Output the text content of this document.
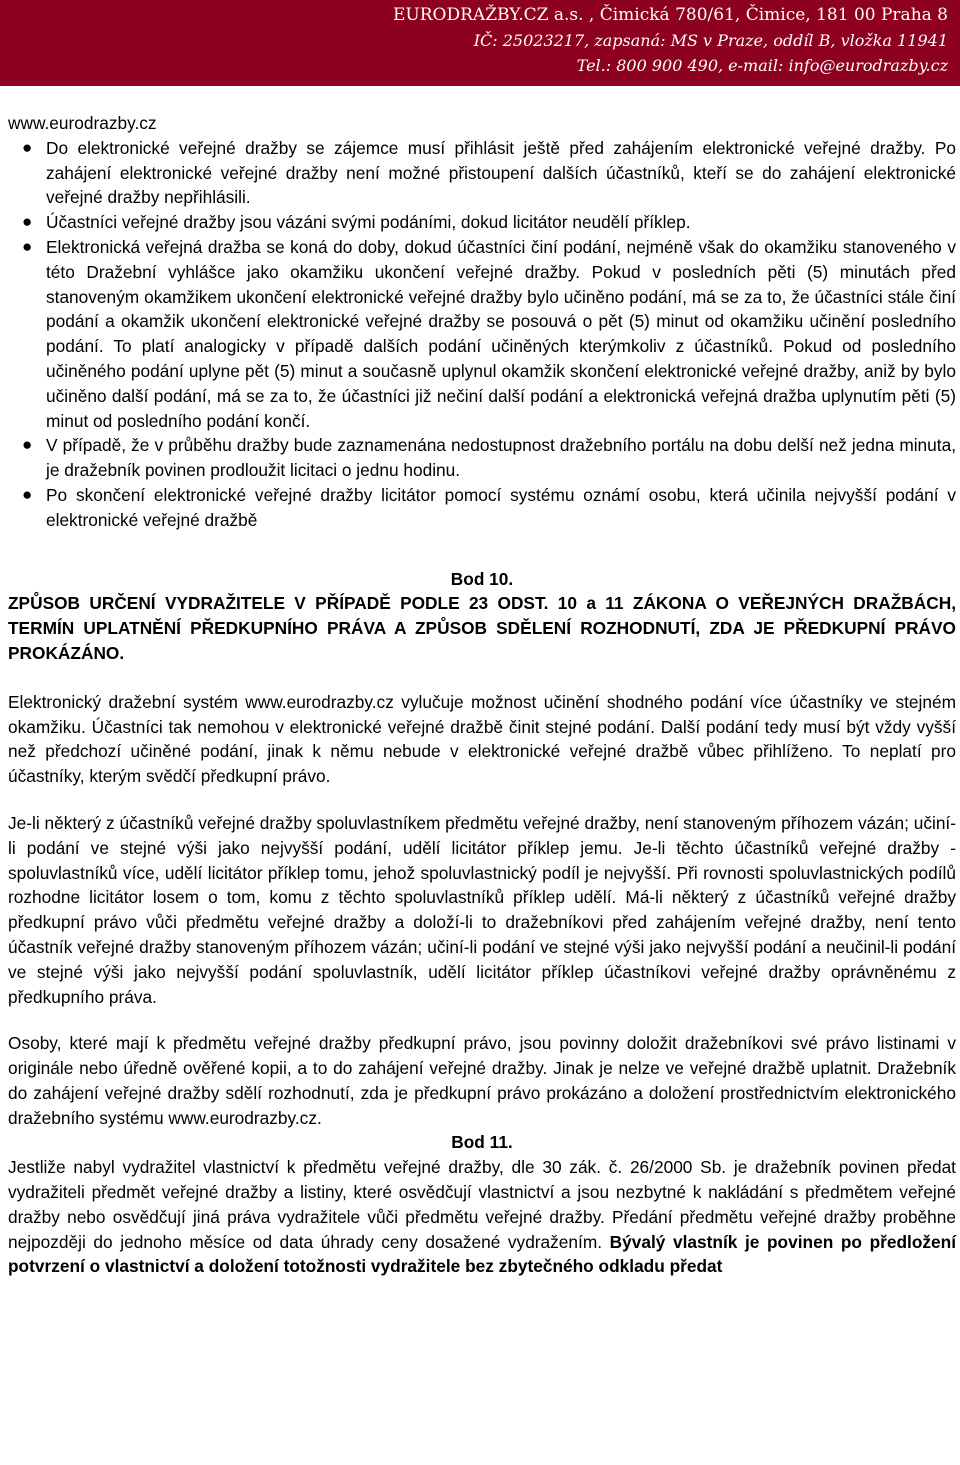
EURODRAŽBY.CZ a.s. , Čimická 780/61, Čimice, 181 00 Praha 8
IČ: 25023217, zapsaná: MS v Praze, oddíl B, vložka 11941
Tel.: 800 900 490, e-mail: info@eurodrazby.cz

www.eurodrazby.cz

● Do elektronické veřejné dražby se zájemce musí přihlásit ještě před zahájením elektronické veřejné dražby. Po zahájení elektronické veřejné dražby není možné přistoupení dalších účastníků, kteří se do zahájení elektronické veřejné dražby nepřihlásili.
● Účastníci veřejné dražby jsou vázáni svými podáními, dokud licitátor neudělí příklep.
● Elektronická veřejná dražba se koná do doby, dokud účastníci činí podání, nejméně však do okamžiku stanoveného v této Dražební vyhlášce jako okamžiku ukončení veřejné dražby. Pokud v posledních pěti (5) minutách před stanoveným okamžikem ukončení elektronické veřejné dražby bylo učiněno podání, má se za to, že účastníci stále činí podání a okamžik ukončení elektronické veřejné dražby se posouvá o pět (5) minut od okamžiku učinění posledního podání. To platí analogicky v případě dalších podání učiněných kterýmkoliv z účastníků. Pokud od posledního učiněného podání uplyne pět (5) minut a současně uplynul okamžik skončení elektronické veřejné dražby, aniž by bylo učiněno další podání, má se za to, že účastníci již nečiní další podání a elektronická veřejná dražba uplynutím pěti (5) minut od posledního podání končí.
● V případě, že v průběhu dražby bude zaznamenána nedostupnost dražebního portálu na dobu delší než jedna minuta, je dražebník povinen prodloužit licitaci o jednu hodinu.
● Po skončení elektronické veřejné dražby licitátor pomocí systému oznámí osobu, která učinila nejvyšší podání v elektronické veřejné dražbě

Bod 10.

ZPŮSOB URČENÍ VYDRAŽITELE V PŘÍPADĚ PODLE 23 ODST. 10 a 11 ZÁKONA O VEŘEJNÝCH DRAŽBÁCH, TERMÍN UPLATNĚNÍ PŘEDKUPNÍHO PRÁVA A ZPŮSOB SDĚLENÍ ROZHODNUTÍ, ZDA JE PŘEDKUPNÍ PRÁVO PROKÁZÁNO.

Elektronický dražební systém www.eurodrazby.cz vylučuje možnost učinění shodného podání více účastníky ve stejném okamžiku. Účastníci tak nemohou v elektronické veřejné dražbě činit stejné podání. Další podání tedy musí být vždy vyšší než předchozí učiněné podání, jinak k němu nebude v elektronické veřejné dražbě vůbec přihlíženo. To neplatí pro účastníky, kterým svědčí předkupní právo.

Je-li některý z účastníků veřejné dražby spoluvlastníkem předmětu veřejné dražby, není stanoveným příhozem vázán; učiní-li podání ve stejné výši jako nejvyšší podání, udělí licitátor příklep jemu. Je-li těchto účastníků veřejné dražby - spoluvlastníků více, udělí licitátor příklep tomu, jehož spoluvlastnický podíl je nejvyšší. Při rovnosti spoluvlastnických podílů rozhodne licitátor losem o tom, komu z těchto spoluvlastníků příklep udělí. Má-li některý z účastníků veřejné dražby předkupní právo vůči předmětu veřejné dražby a doloží-li to dražebníkovi před zahájením veřejné dražby, není tento účastník veřejné dražby stanoveným příhozem vázán; učiní-li podání ve stejné výši jako nejvyšší podání a neučinil-li podání ve stejné výši jako nejvyšší podání spoluvlastník, udělí licitátor příklep účastníkovi veřejné dražby oprávněnému z předkupního práva.

Osoby, které mají k předmětu veřejné dražby předkupní právo, jsou povinny doložit dražebníkovi své právo listinami v originále nebo úředně ověřené kopii, a to do zahájení veřejné dražby. Jinak je nelze ve veřejné dražbě uplatnit. Dražebník do zahájení veřejné dražby sdělí rozhodnutí, zda je předkupní právo prokázáno a doložení prostřednictvím elektronického dražebního systému www.eurodrazby.cz.

Bod 11.

Jestliže nabyl vydražitel vlastnictví k předmětu veřejné dražby, dle 30 zák. č. 26/2000 Sb. je dražebník povinen předat vydražiteli předmět veřejné dražby a listiny, které osvědčují vlastnictví a jsou nezbytné k nakládání s předmětem veřejné dražby nebo osvědčují jiná práva vydražitele vůči předmětu veřejné dražby. Předání předmětu veřejné dražby proběhne nejpozději do jednoho měsíce od data úhrady ceny dosažené vydražením. Bývalý vlastník je povinen po předložení potvrzení o vlastnictví a doložení totožnosti vydražitele bez zbytečného odkladu předat
